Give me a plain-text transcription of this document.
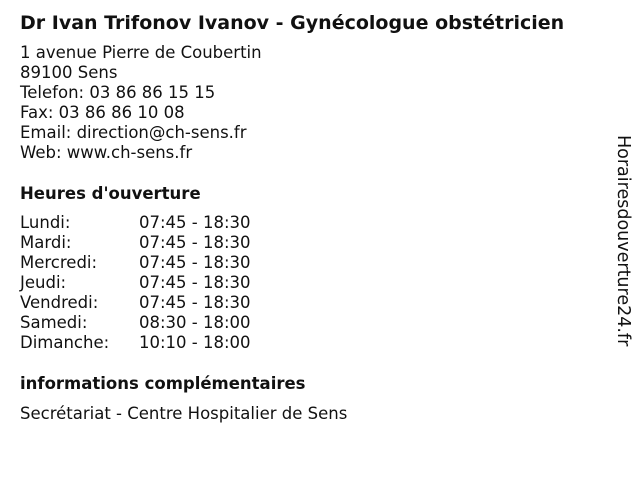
Dr Ivan Trifonov Ivanov - Gynécologue obstétricien
1 avenue Pierre de Coubertin
89100 Sens
Telefon: 03 86 86 15 15
Fax: 03 86 86 10 08
Email: direction@ch-sens.fr
Web: www.ch-sens.fr
Heures d'ouverture
Lundi:	07:45 - 18:30
Mardi:	07:45 - 18:30
Mercredi:	07:45 - 18:30
Jeudi:	07:45 - 18:30
Vendredi: 07:45 - 18:30
Samedi:	08:30 - 18:00
Dimanche: 10:10 - 18:00
informations complémentaires
Secrétariat - Centre Hospitalier de Sens
Horairesdouverture24.fr
